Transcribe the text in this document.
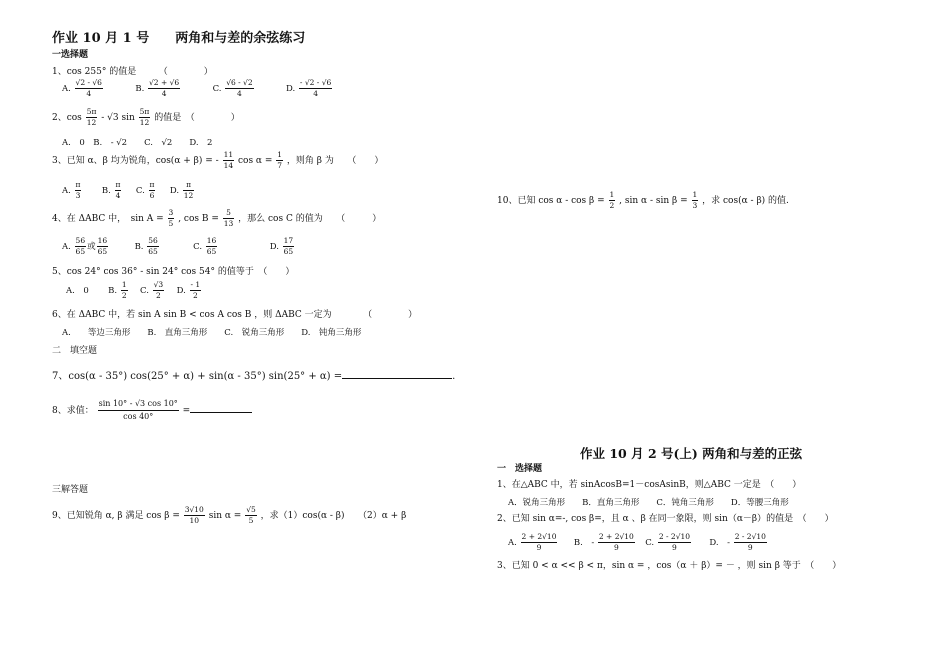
作业 10 月 1 号　　两角和与差的余弦练习
一选择题
1、cos 255° 的值是　　　（　　　　）
A. $\frac{√2 - √6}{4}$	B. $\frac{√2 + √6}{4}$	C. $\frac{√6 - √2}{4}$	D. $\frac{- √2 - √6}{4}$
2、$\cos \frac{5\pi}{12} - √3$ $\sin \frac{5\pi}{12}$ 的值是　（　　　　）
A.　0　B.　- √2　　C.　√2　　D.　2
3、已知 α、β 均为锐角，cos(α + β) = - $\frac{11}{14}$ $\cos \alpha = \frac{1}{7}$ ，则角 β 为　　（　　）
A. $\frac{\pi}{3} B$. $\frac{\pi}{4} C$. $\frac{\pi}{6} D$. $\frac{\pi}{12}$
4、在 ΔABC 中，　$\sin A = \frac{3}{5}$ , $\cos B = \frac{5}{13}$ ，那么 cos C 的值为　　（　　　）
A. $\frac{56}{65}$ 或 $\frac{16}{65}$	B. $\frac{56}{65}$	C. $\frac{16}{65}$	D. $\frac{17}{65}$
5、cos 24° cos 36° - sin 24° cos 54° 的值等于　（　　）
A.　0 B. $\frac{1}{2} C$. $\frac{√3}{2} D$. $\frac{- 1}{2}$
6、在 ΔABC 中，若 sin A sin B < cos A cos B ，则 ΔABC 一定为　　　　（　　　　）
A.　　等边三角形　　B.　直角三角形　　C.　锐角三角形　　D.　钝角三角形
二　填空题
7、cos(α - 35°) cos(25° + α) + sin(α - 35°) sin(25° + α) =	.
8、求值： $\frac{\sin 10^\circ - √3 \cos 10^\circ}{\cos 40^\circ}$ =
三解答题
9、已知锐角 α, β 满足 $\cos \beta = \frac{3√10}{10}$ $\sin \alpha = \frac{√5}{5}$ ，求（1）cos(α - β)　　（2）α + β
10、已知 $\cos \alpha - \cos \beta = \frac{1}{2}$ , $\sin \alpha - \sin \beta = \frac{1}{3}$ ，求 cos(α - β) 的值.
作业 10 月 2 号(上) 两角和与差的正弦
一　选择题
1、在△ABC 中，若 sinAcosB=1－cosAsinB，则△ABC 一定是　（　　）
A．锐角三角形　　B．直角三角形　　C．钝角三角形　　D．等腰三角形
2、已知 sin α=-, cos β=，且 α 、β 在同一象限，则 sin（α－β）的值是　（　　）
A. $\frac{2 + 2√10}{9} B$.　- $\frac{2 + 2√10}{9} C$. $\frac{2 - 2√10}{9} D$.　- $\frac{2 - 2√10}{9}$
3、已知 0 < α << β < π，sin α = ，cos（α ＋ β）= － ，则 sin β 等于　（　　）
